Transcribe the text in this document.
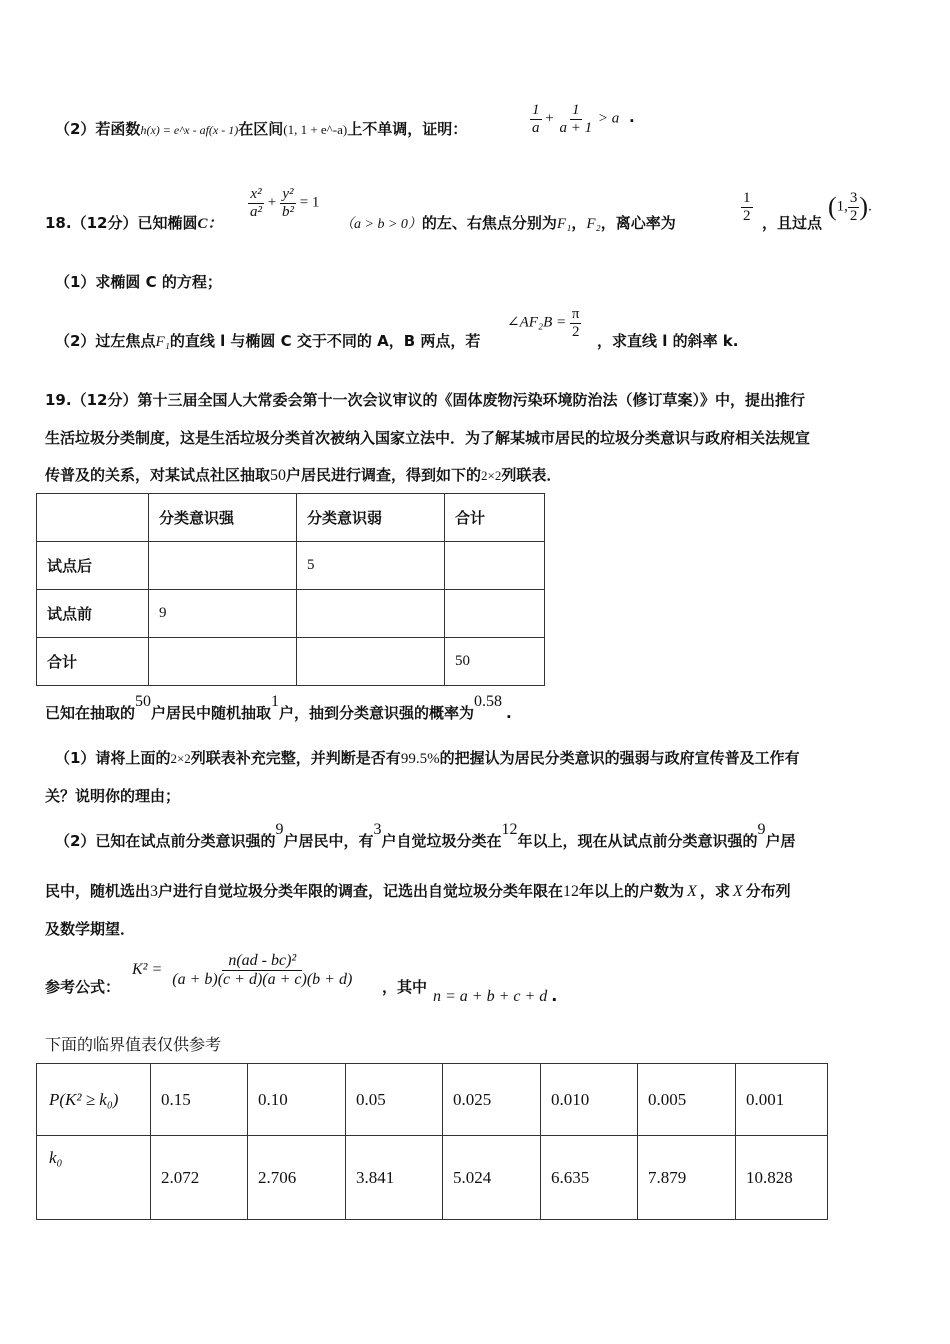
（2）若函数h(x) = e^x - af(x - 1)在区间(1, 1 + e^-a)上不单调，证明：	$\frac{1}{a} + \frac{1}{a + 1} > a$ .
18.（12分）已知椭圆C：
$\frac{\text{x²}}{\text{a²}} + \frac{\text{y²}}{\text{b²}} = 1$
（a > b > 0）的左、右焦点分别为F₁，F₂，离心率为	$\frac{1}{2}$ ，且过点
(1, $\frac{3}{2}$ ).
（1）求椭圆 C 的方程；
（2）过左焦点F₁的直线 l 与椭圆 C 交于不同的 A，B 两点，若
∠AF₂B = $\frac{\pi}{2}$
，求直线 l 的斜率 k.
19.（12分）第十三届全国人大常委会第十一次会议审议的《固体废物污染环境防治法（修订草案）》中，提出推行
生活垃圾分类制度，这是生活垃圾分类首次被纳入国家立法中．为了解某城市居民的垃圾分类意识与政府相关法规宣
传普及的关系，对某试点社区抽取50户居民进行调查，得到如下的2×2列联表．
	分类意识强	分类意识弱	合计
试点后		5	
试点前	9		
合计			50
已知在抽取的50户居民中随机抽取1户，抽到分类意识强的概率为0.58.
（1）请将上面的2×2列联表补充完整，并判断是否有99.5%的把握认为居民分类意识的强弱与政府宣传普及工作有
关？说明你的理由；
（2）已知在试点前分类意识强的9户居民中，有3户自觉垃圾分类在12年以上，现在从试点前分类意识强的9户居
民中，随机选出3户进行自觉垃圾分类年限的调查，记选出自觉垃圾分类年限在12年以上的户数为 X ，求 X 分布列
及数学期望．
参考公式：
$K^2 = \frac{\text{n(ad - bc)²}}{(a + b)(c + d)(a + c)(b + d)}$ ，其中
n = a + b + c + d .
下面的临界值表仅供参考
P(K² ≥ k₀)	0.15	0.10	0.05	0.025	0.010	0.005	0.001
k₀	2.072	2.706	3.841	5.024	6.635	7.879	10.828
